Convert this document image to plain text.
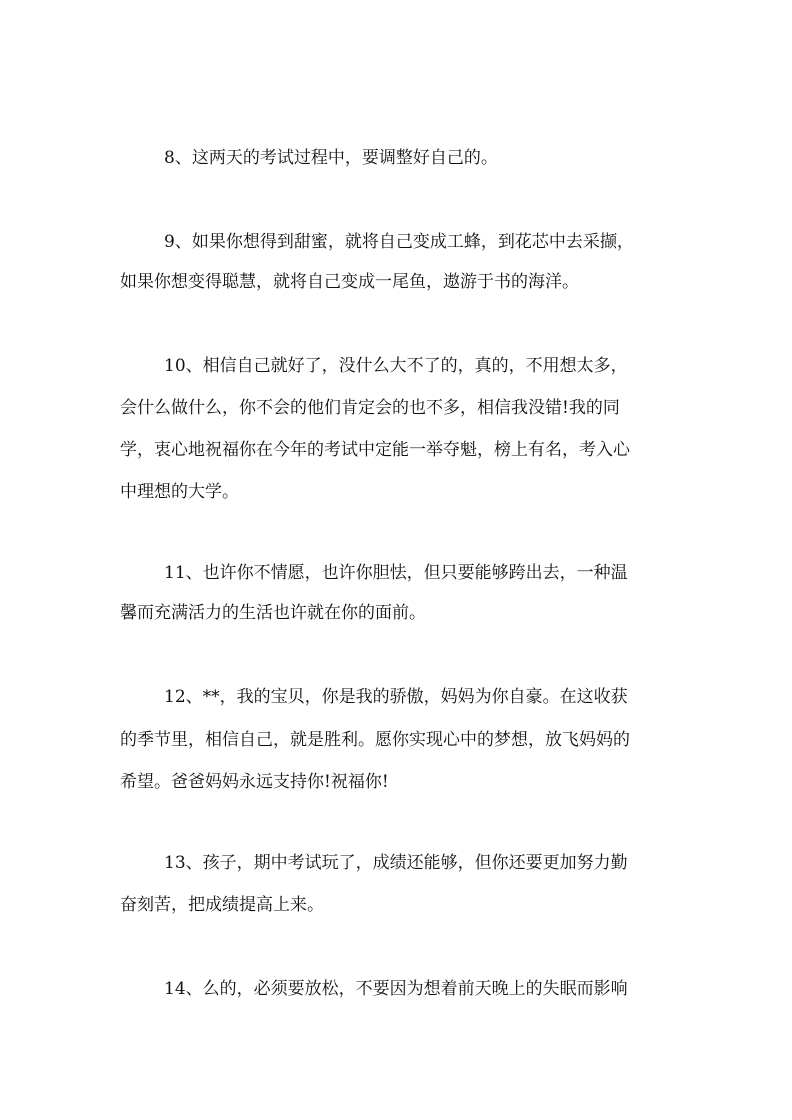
8、这两天的考试过程中，要调整好自己的。
9、如果你想得到甜蜜，就将自己变成工蜂，到花芯中去采撷，
如果你想变得聪慧，就将自己变成一尾鱼，遨游于书的海洋。
10、相信自己就好了，没什么大不了的，真的，不用想太多，
会什么做什么，你不会的他们肯定会的也不多，相信我没错!我的同
学，衷心地祝福你在今年的考试中定能一举夺魁，榜上有名，考入心
中理想的大学。
11、也许你不情愿，也许你胆怯，但只要能够跨出去，一种温
馨而充满活力的生活也许就在你的面前。
12、**，我的宝贝，你是我的骄傲，妈妈为你自豪。在这收获
的季节里，相信自己，就是胜利。愿你实现心中的梦想，放飞妈妈的
希望。爸爸妈妈永远支持你!祝福你!
13、孩子，期中考试玩了，成绩还能够，但你还要更加努力勤
奋刻苦，把成绩提高上来。
14、么的，必须要放松，不要因为想着前天晚上的失眠而影响
